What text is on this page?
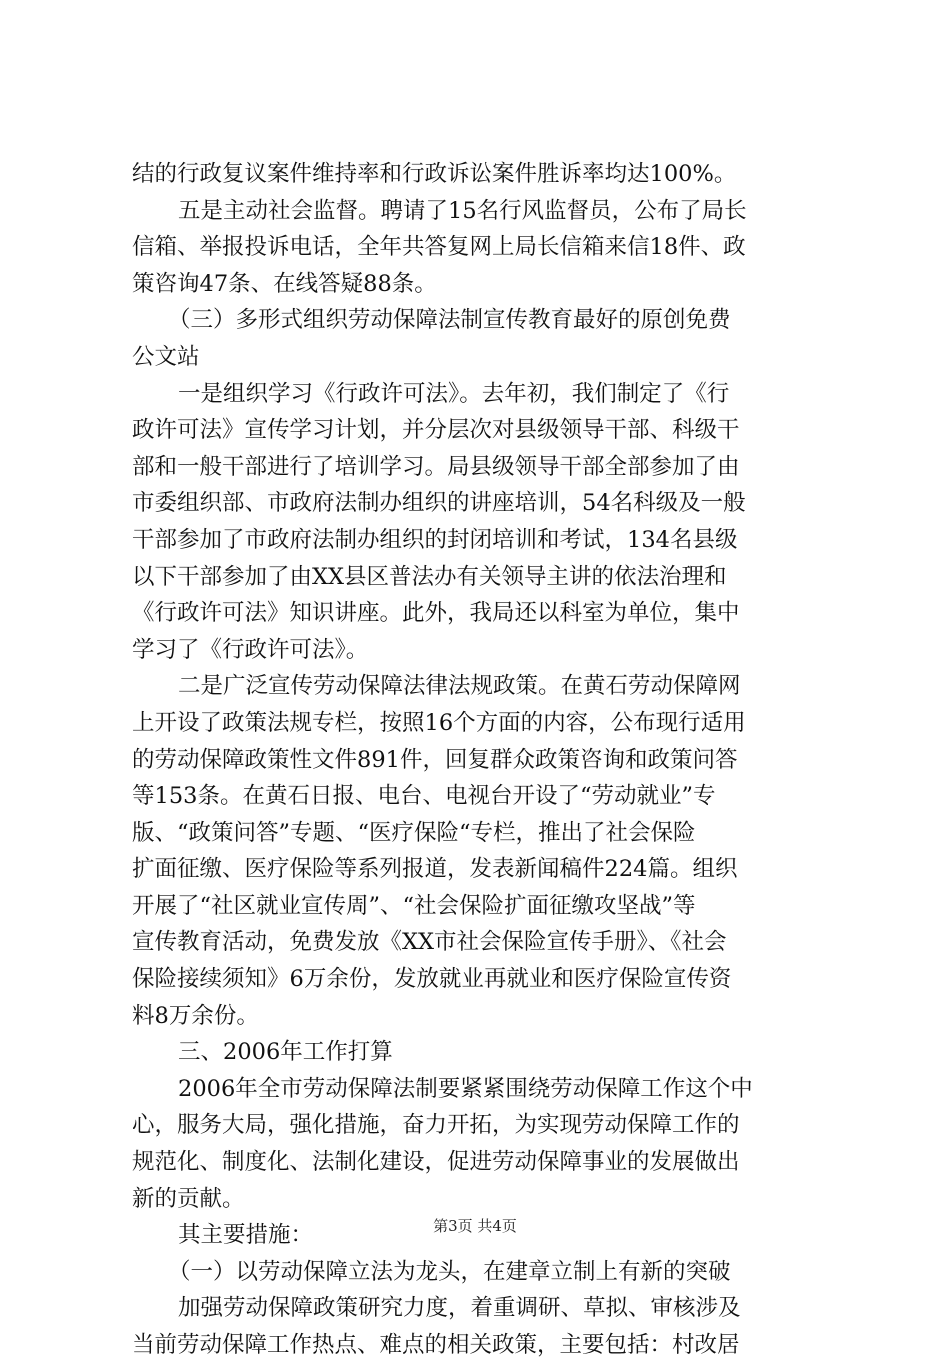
结的行政复议案件维持率和行政诉讼案件胜诉率均达100%。
五是主动社会监督。聘请了15名行风监督员，公布了局长
信箱、举报投诉电话，全年共答复网上局长信箱来信18件、政
策咨询47条、在线答疑88条。
（三）多形式组织劳动保障法制宣传教育最好的原创免费
公文站
一是组织学习《行政许可法》。去年初，我们制定了《行
政许可法》宣传学习计划，并分层次对县级领导干部、科级干
部和一般干部进行了培训学习。局县级领导干部全部参加了由
市委组织部、市政府法制办组织的讲座培训，54名科级及一般
干部参加了市政府法制办组织的封闭培训和考试，134名县级
以下干部参加了由XX县区普法办有关领导主讲的依法治理和
《行政许可法》知识讲座。此外，我局还以科室为单位，集中
学习了《行政许可法》。
二是广泛宣传劳动保障法律法规政策。在黄石劳动保障网
上开设了政策法规专栏，按照16个方面的内容，公布现行适用
的劳动保障政策性文件891件，回复群众政策咨询和政策问答
等153条。在黄石日报、电台、电视台开设了“劳动就业”专
版、“政策问答”专题、“医疗保险“专栏，推出了社会保险
扩面征缴、医疗保险等系列报道，发表新闻稿件224篇。组织
开展了“社区就业宣传周”、“社会保险扩面征缴攻坚战”等
宣传教育活动，免费发放《XX市社会保险宣传手册》、《社会
保险接续须知》6万余份，发放就业再就业和医疗保险宣传资
料8万余份。
三、2006年工作打算
2006年全市劳动保障法制要紧紧围绕劳动保障工作这个中
心，服务大局，强化措施，奋力开拓，为实现劳动保障工作的
规范化、制度化、法制化建设，促进劳动保障事业的发展做出
新的贡献。
其主要措施：
（一）以劳动保障立法为龙头，在建章立制上有新的突破
加强劳动保障政策研究力度，着重调研、草拟、审核涉及
当前劳动保障工作热点、难点的相关政策，主要包括：村改居
第3页 共4页
